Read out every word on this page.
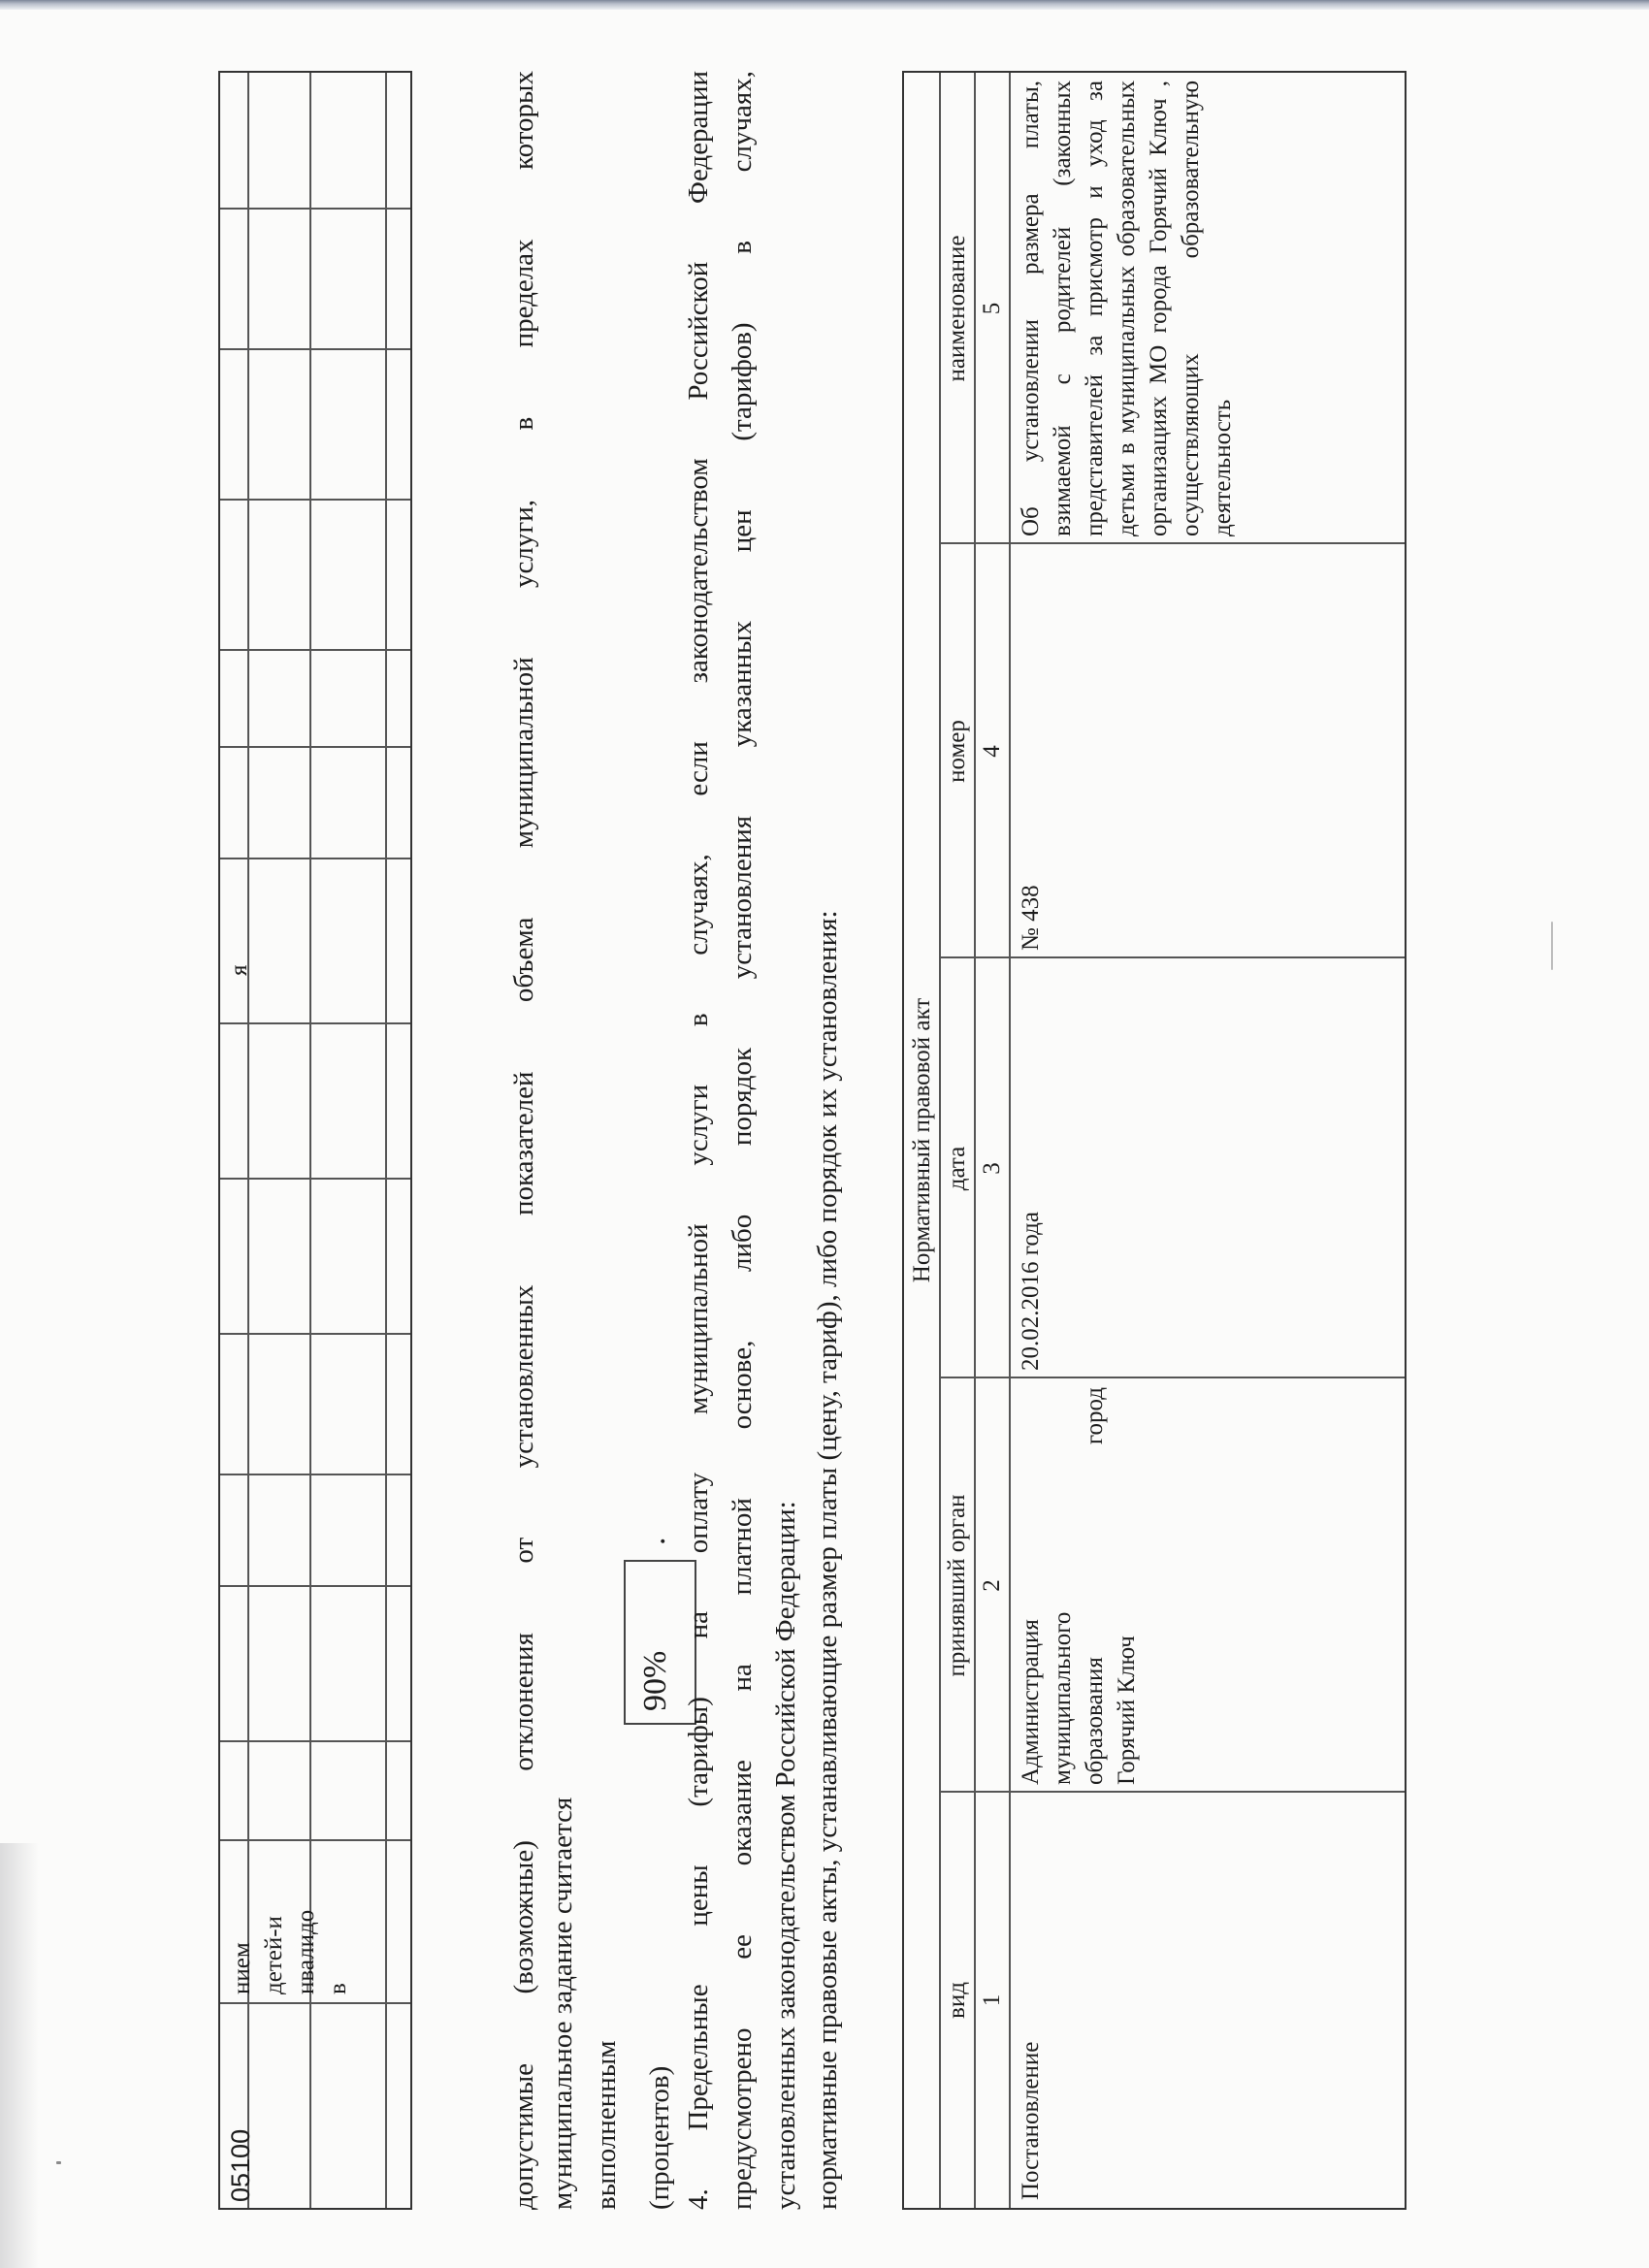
05100
нием детей-и нвалидо в
я	допустимые (возможные) отклонения от установленных показателей объема муниципальной услуги, в пределах которых муниципальное задание считается выполненным
90%
.
(процентов) 4. Предельные цены (тарифы) на оплату муниципальной услуги в случаях, если законодательством Российской Федерации предусмотрено ее оказание на платной основе, либо порядок установления указанных цен (тарифов) в случаях, установленных законодательством Российской Федерации: нормативные правовые акты, устанавливающие размер платы (цену, тариф), либо порядок их установления:	Нормативный правовой акт
вид
принявший орган
дата
номер
наименование
1
2
3
4
5
Постановление
Администрация муниципального образования
город
Горячий Ключ
20.02.2016 года
№ 438
Об установлении размера платы, взимаемой с родителей (законных представителей за присмотр и уход за детьми в муниципальных образовательных организациях МО города Горячий Ключ , осуществляющих образовательную деятельность
